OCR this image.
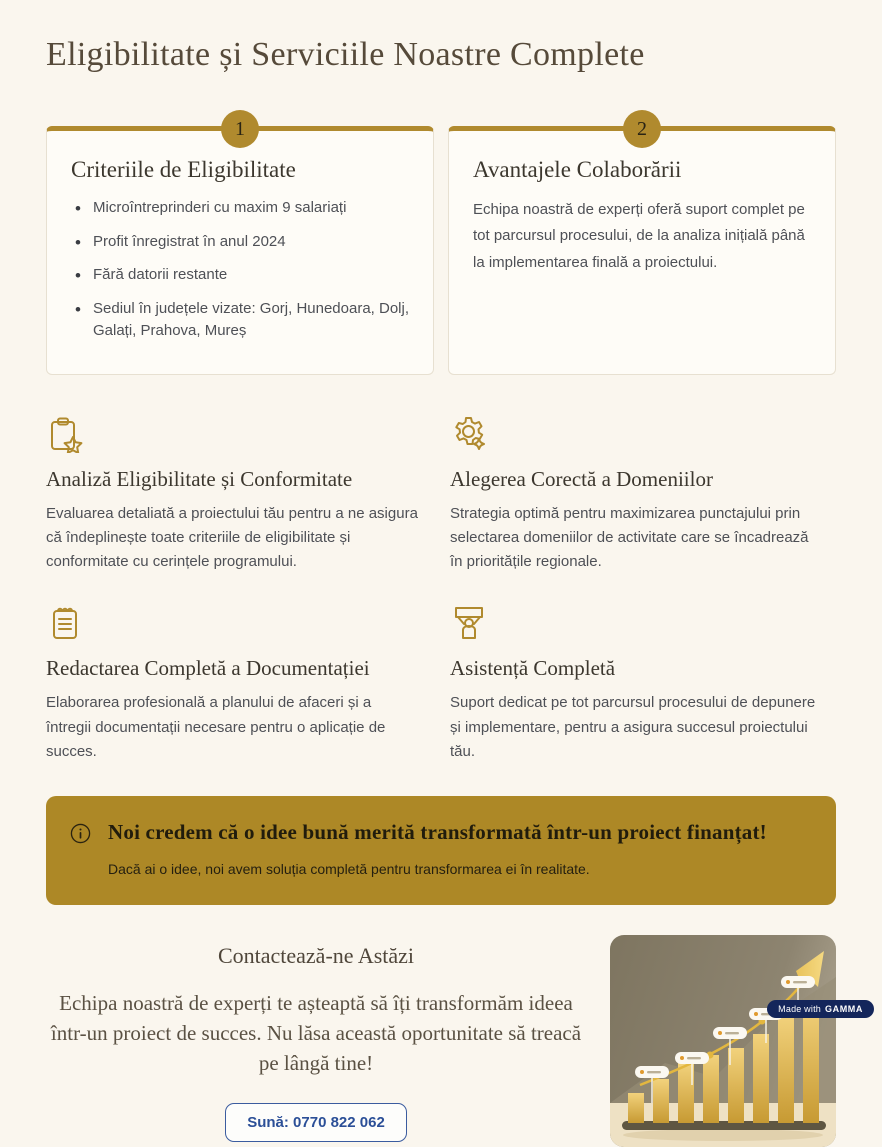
Eligibilitate și Serviciile Noastre Complete
1
Criteriile de Eligibilitate
• Microîntreprinderi cu maxim 9 salariați
• Profit înregistrat în anul 2024
• Fără datorii restante
• Sediul în județele vizate: Gorj, Hunedoara, Dolj, Galați, Prahova, Mureș
2
Avantajele Colaborării

Echipa noastră de experți oferă suport complet pe tot parcursul procesului, de la analiza inițială până la implementarea finală a proiectului.

Analiză Eligibilitate și Conformitate

Evaluarea detaliată a proiectului tău pentru a ne asigura că îndeplinește toate criteriile de eligibilitate și conformitate cu cerințele programului.

Alegerea Corectă a Domeniilor

Strategia optimă pentru maximizarea punctajului prin selectarea domeniilor de activitate care se încadrează în prioritățile regionale.

Redactarea Completă a Documentației

Elaborarea profesională a planului de afaceri și a întregii documentații necesare pentru o aplicație de succes.

Asistență Completă

Suport dedicat pe tot parcursul procesului de depunere și implementare, pentru a asigura succesul proiectului tău.

Noi credem că o idee bună merită transformată într-un proiect finanțat!

Dacă ai o idee, noi avem soluția completă pentru transformarea ei în realitate.

Contactează-ne Astăzi

Echipa noastră de experți te așteaptă să îți transformăm ideea într-un proiect de succes. Nu lăsa această oportunitate să treacă pe lângă tine!

Sună: 0770 822 062
Made with GAMMA
